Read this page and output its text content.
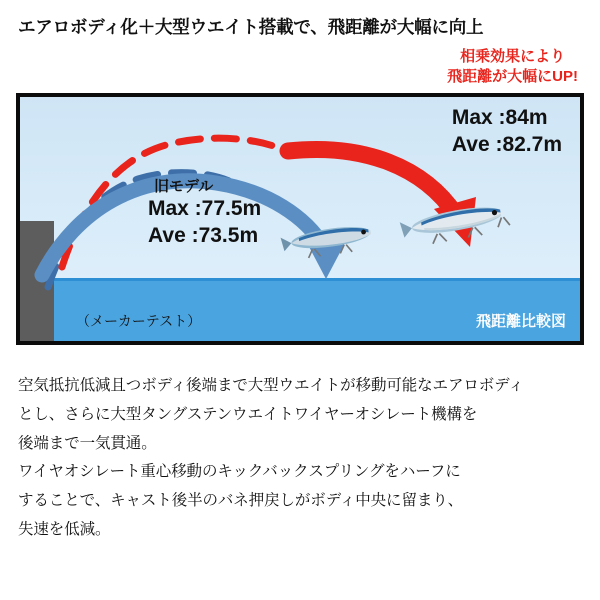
エアロボディ化＋大型ウエイト搭載で、飛距離が大幅に向上
相乗効果により
飛距離が大幅にUP!
Max :84m
Ave :82.7m
旧モデル
Max :77.5m
Ave :73.5m
（メーカーテスト）	飛距離比較図

空気抵抗低減且つボディ後端まで大型ウエイトが移動可能なエアロボディ

とし、さらに大型タングステンウエイトワイヤーオシレート機構を

後端まで一気貫通。

ワイヤオシレート重心移動のキックバックスプリングをハーフに

することで、キャスト後半のバネ押戻しがボディ中央に留まり、

失速を低減。
